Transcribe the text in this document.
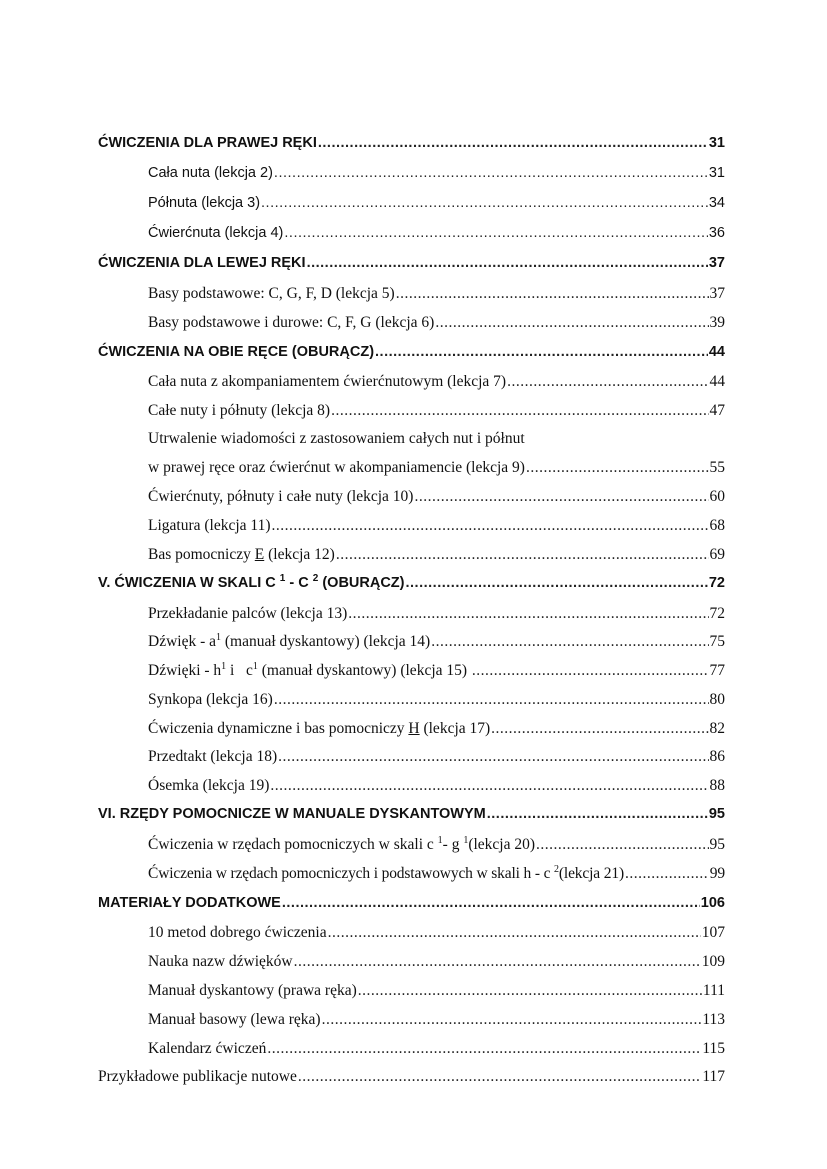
ĆWICZENIA DLA PRAWEJ RĘKI .....	31
Cała nuta (lekcja 2) .....	31
Półnuta (lekcja 3) .....	34
Ćwierćnuta (lekcja 4) .....	36
ĆWICZENIA DLA LEWEJ RĘKI .....	37
Basy podstawowe: C, G, F, D (lekcja 5) .....	37
Basy podstawowe i durowe: C, F, G (lekcja 6) .....	39
ĆWICZENIA NA OBIE RĘCE (OBURĄCZ) .....	44
Cała nuta z akompaniamentem ćwierćnutowym (lekcja 7) .....	44
Całe nuty i półnuty (lekcja 8) .....	47
Utrwalenie wiadomości z zastosowaniem całych nut i półnut
w prawej ręce oraz ćwierćnut w akompaniamencie (lekcja 9) .....	55
Ćwierćnuty, półnuty i całe nuty (lekcja 10) .....	60
Ligatura (lekcja 11) .....	68
Bas pomocniczy E (lekcja 12) .....	69
V. ĆWICZENIA W SKALI C $^1$ - C $^2$ (OBURĄCZ) .....	72
Przekładanie palców (lekcja 13) .....	72
Dźwięk - $a^1$ (manuał dyskantowy) (lekcja 14) .....	75
Dźwięki - $h^1$ i   $c^1$ (manuał dyskantowy) (lekcja 15) .....	77
Synkopa (lekcja 16) .....	80
Ćwiczenia dynamiczne i bas pomocniczy H (lekcja 17) .....	82
Przedtakt (lekcja 18) .....	86
Ósemka (lekcja 19) .....	88
VI. RZĘDY POMOCNICZE W MANUALE DYSKANTOWYM .....	95
Ćwiczenia w rzędach pomocniczych w skali c $^1$- g $^1$(lekcja 20) .....	95
Ćwiczenia w rzędach pomocniczych i podstawowych w skali h - c $^2$(lekcja 21) .....	99
MATERIAŁY DODATKOWE .....	106
10 metod dobrego ćwiczenia .....	107
Nauka nazw dźwięków .....	109
Manuał dyskantowy (prawa ręka) .....	111
Manuał basowy (lewa ręka) .....	113
Kalendarz ćwiczeń .....	115
Przykładowe publikacje nutowe .....	117
